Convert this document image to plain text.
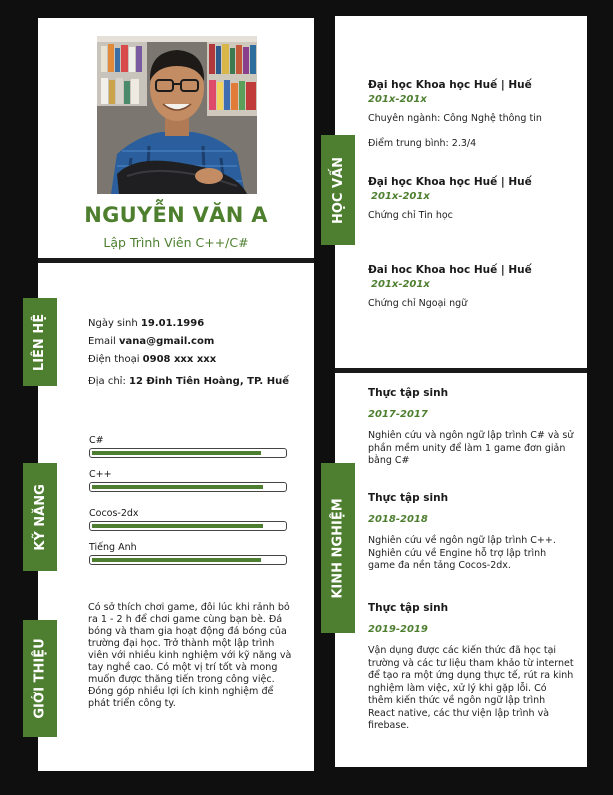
NGUYỄN VĂN A
Lập Trình Viên C++/C#
Ngày sinh 19.01.1996
Email vana@gmail.com
Điện thoại 0908 xxx xxx
Địa chỉ: 12 Đinh Tiên Hoàng, TP. Huế
C#
C++
Cocos-2dx
Tiếng Anh
Có sở thích chơi game, đôi lúc khi rảnh bỏ ra 1 - 2 h để chơi game cùng bạn bè. Đá bóng và tham gia hoạt động đá bóng của trường đại học. Trở thành một lập trình viên với nhiều kinh nghiệm với kỹ năng và tay nghề cao. Có một vị trí tốt và mong muốn được thăng tiến trong công việc. Đóng góp nhiều lợi ích kinh nghiệm để phát triển công ty.
LIÊN HỆ
KỸ NĂNG
GIỚI THIỆU
Đại học Khoa học Huế | Huế
201x-201x
Chuyên ngành: Công Nghệ thông tin
Điểm trung bình: 2.3/4
Đại học Khoa học Huế | Huế
201x-201x
Chứng chỉ Tin học
Đai hoc Khoa hoc Huế | Huế
201x-201x
Chứng chỉ Ngoại ngữ
Thực tập sinh
2017-2017
Nghiên cứu và ngôn ngữ lập trình C# và sử phần mềm unity để làm 1 game đơn giản bằng C#
Thực tập sinh
2018-2018
Nghiên cứu về ngôn ngữ lập trình C++. Nghiên cứu về Engine hỗ trợ lập trình game đa nền tảng Cocos-2dx.
Thực tập sinh
2019-2019
Vận dụng được các kiến thức đã học tại trường và các tư liệu tham khảo từ internet để tạo ra một ứng dụng thực tế, rút ra kinh nghiệm làm việc, xử lý khi gặp lỗi. Có thêm kiến thức về ngôn ngữ lập trình React native, các thư viện lập trình và firebase.
HỌC VẤN
KINH NGHIỆM
